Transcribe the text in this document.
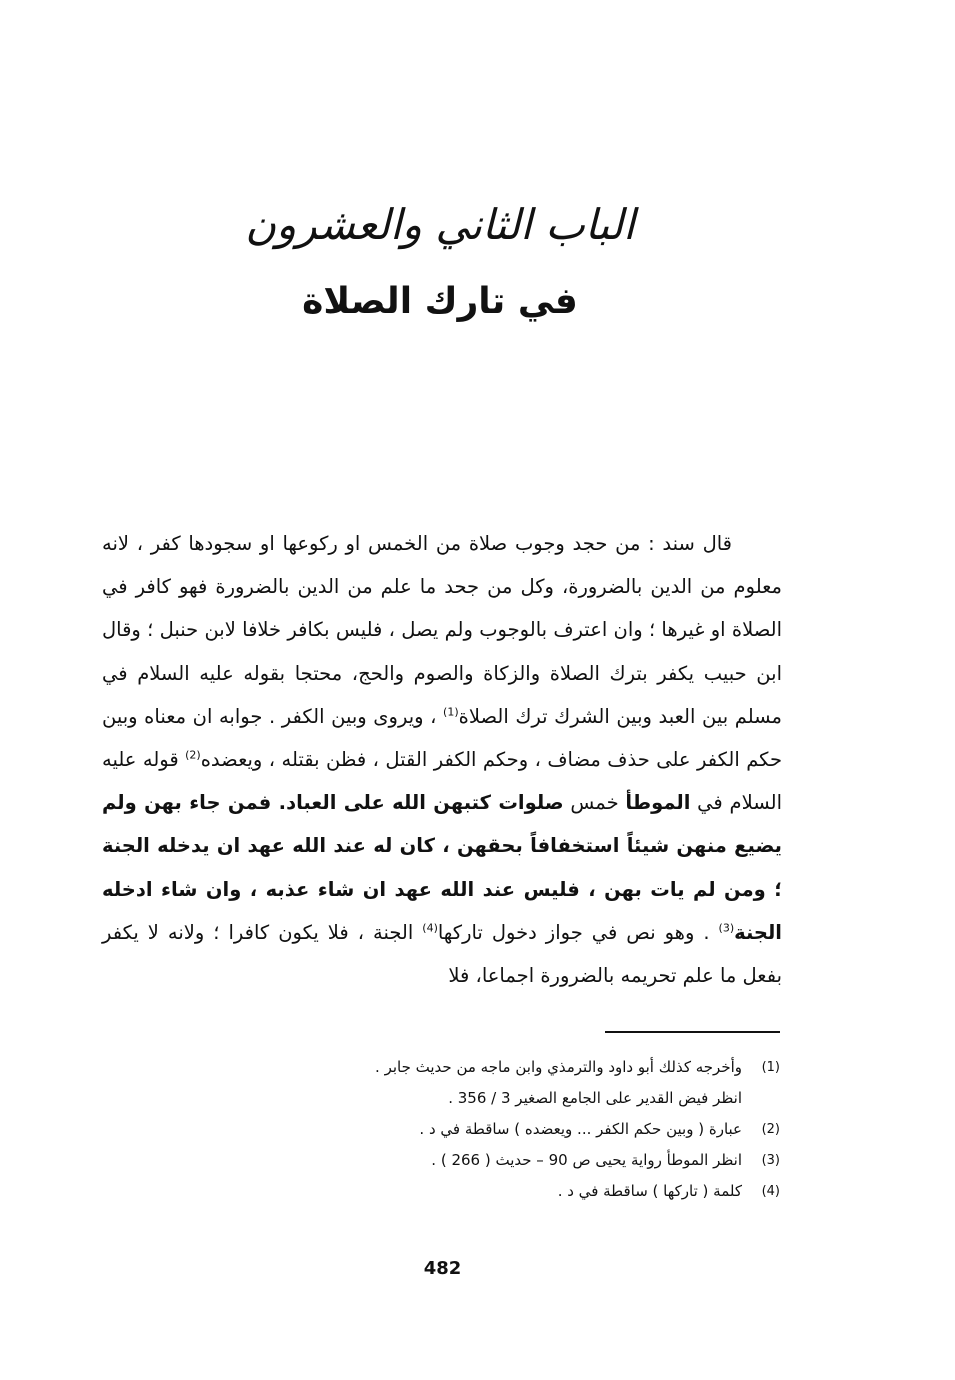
الباب الثاني والعشرون
في تارك الصلاة

قال سند : من حجد وجوب صلاة من الخمس او ركوعها او سجودها كفر ، لانه معلوم من الدين بالضرورة، وكل من جحد ما علم من الدين بالضرورة فهو كافر في الصلاة او غيرها ؛ وان اعترف بالوجوب ولم يصل ، فليس بكافر خلافا لابن حنبل ؛ وقال ابن حبيب يكفر بترك الصلاة والزكاة والصوم والحج، محتجا بقوله عليه السلام في مسلم بين العبد وبين الشرك ترك الصلاة$^{(1)}$ ، ويروى وبين الكفر . جوابه ان معناه وبين حكم الكفر على حذف مضاف ، وحكم الكفر القتل ، فظن بقتله ، ويعضده$^{(2)}$ قوله عليه السلام في الموطأ خمس صلوات كتبهن الله على العباد. فمن جاء بهن ولم يضيع منهن شيئاً استخفافاً بحقهن ، كان له عند الله عهد ان يدخله الجنة ؛ ومن لم يات بهن ، فليس عند الله عهد ان شاء عذبه ، وان شاء ادخله الجنة$^{(3)}$ . وهو نص في جواز دخول تاركها$^{(4)}$ الجنة ، فلا يكون كافرا ؛ ولانه لا يكفر بفعل ما علم تحريمه بالضرورة اجماعا، فلا

(1)
وأخرجه كذلك أبو داود والترمذي وابن ماجه من حديث جابر .
انظر فيض القدير على الجامع الصغير 3 / 356 .
(2)
عبارة ( وبين حكم الكفر ... ويعضده ) ساقطة في د .
(3)
انظر الموطأ رواية يحيى ص 90 – حديث ( 266 ) .
(4)
كلمة ( تاركها ) ساقطة في د .
482
